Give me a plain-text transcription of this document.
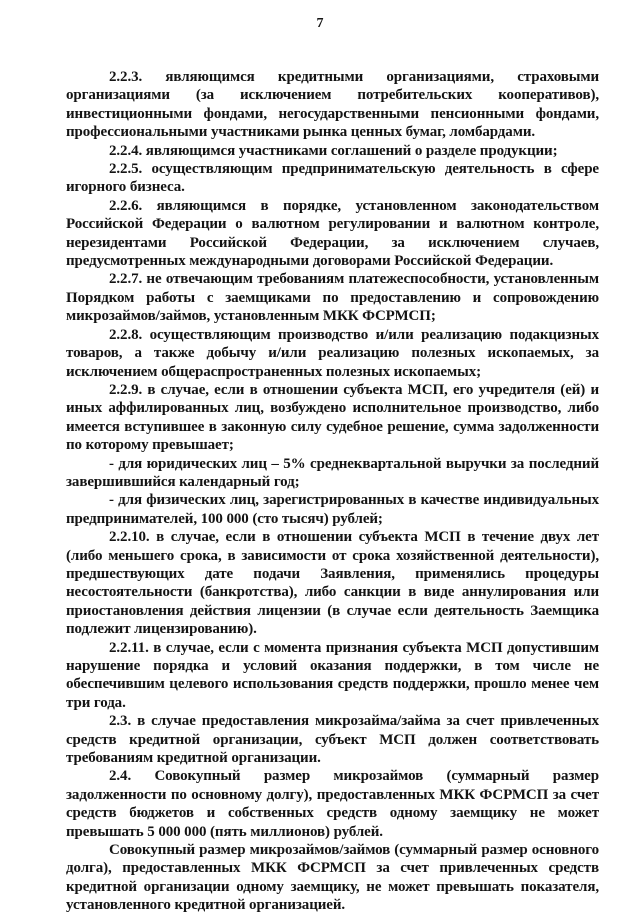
7

2.2.3. являющимся кредитными организациями, страховыми организациями (за исключением потребительских кооперативов), инвестиционными фондами, негосударственными пенсионными фондами, профессиональными участниками рынка ценных бумаг, ломбардами.

2.2.4. являющимся участниками соглашений о разделе продукции;

2.2.5. осуществляющим предпринимательскую деятельность в сфере игорного бизнеса.

2.2.6. являющимся в порядке, установленном законодательством Российской Федерации о валютном регулировании и валютном контроле, нерезидентами Российской Федерации, за исключением случаев, предусмотренных международными договорами Российской Федерации.

2.2.7. не отвечающим требованиям платежеспособности, установленным Порядком работы с заемщиками по предоставлению и сопровождению микрозаймов/займов, установленным МКК ФСРМСП;

2.2.8. осуществляющим производство и/или реализацию подакцизных товаров, а также добычу и/или реализацию полезных ископаемых, за исключением общераспространенных полезных ископаемых;

2.2.9. в случае, если в отношении субъекта МСП, его учредителя (ей) и иных аффилированных лиц, возбуждено исполнительное производство, либо имеется вступившее в законную силу судебное решение, сумма задолженности по которому превышает;

- для юридических лиц – 5% среднеквартальной выручки за последний завершившийся календарный год;

- для физических лиц, зарегистрированных в качестве индивидуальных предпринимателей, 100 000 (сто тысяч) рублей;

2.2.10. в случае, если в отношении субъекта МСП в течение двух лет (либо меньшего срока, в зависимости от срока хозяйственной деятельности), предшествующих дате подачи Заявления, применялись процедуры несостоятельности (банкротства), либо санкции в виде аннулирования или приостановления действия лицензии (в случае если деятельность Заемщика подлежит лицензированию).

2.2.11. в случае, если с момента признания субъекта МСП допустившим нарушение порядка и условий оказания поддержки, в том числе не обеспечившим целевого использования средств поддержки, прошло менее чем три года.

2.3. в случае предоставления микрозайма/займа за счет привлеченных средств кредитной организации, субъект МСП должен соответствовать требованиям кредитной организации.

2.4. Совокупный размер микрозаймов (суммарный размер задолженности по основному долгу), предоставленных МКК ФСРМСП за счет средств бюджетов и собственных средств одному заемщику не может превышать 5 000 000 (пять миллионов) рублей.

Совокупный размер микрозаймов/займов (суммарный размер основного долга), предоставленных МКК ФСРМСП за счет привлеченных средств кредитной организации одному заемщику, не может превышать показателя, установленного кредитной организацией.
